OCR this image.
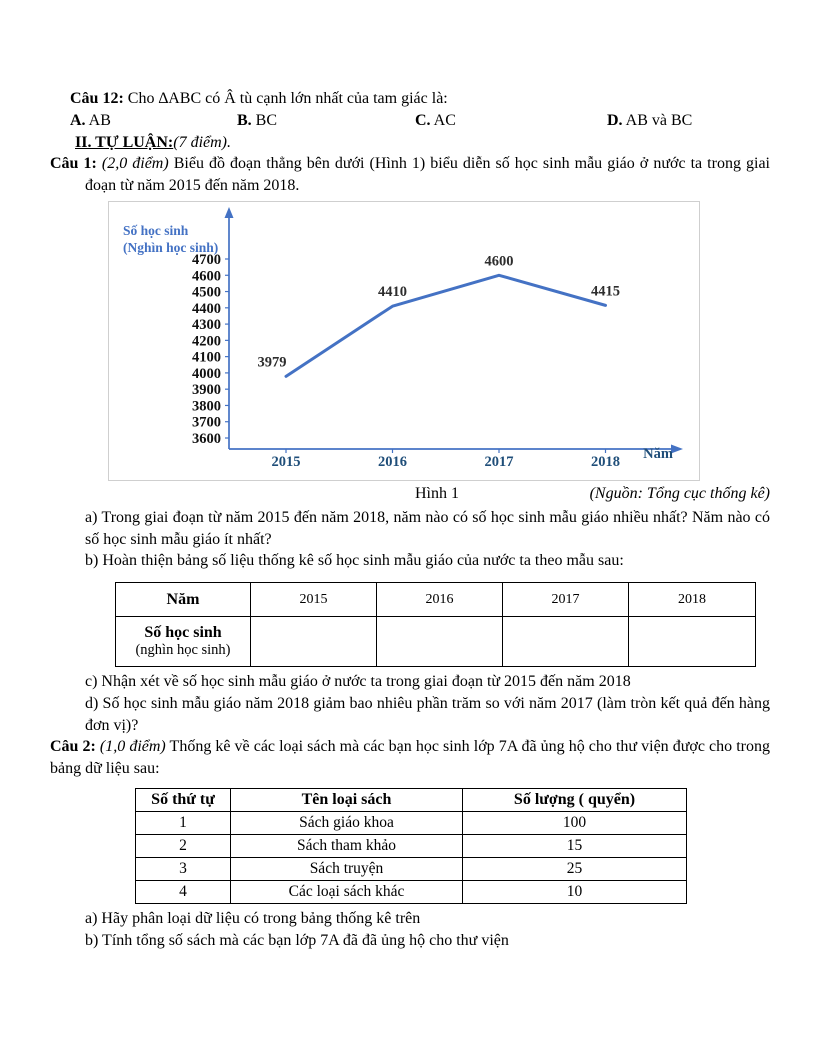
Câu 12: Cho ∆ABC có Â tù cạnh lớn nhất của tam giác là:

A. AB	B. BC	C. AC	D. AB và BC

II. TỰ LUẬN:(7 điểm).

Câu 1: (2,0 điểm) Biểu đồ đoạn thẳng bên dưới (Hình 1) biểu diễn số học sinh mẫu giáo ở nước ta trong giai đoạn từ năm 2015 đến năm 2018.

Số học sinh
(Nghìn học sinh)
3600
3700
3800
3900
4000
4100
4200
4300
4400
4500
4600
4700
2015	2016	2017	2018 Năm
3979
4410
4600
4415
Hình 1	(Nguồn: Tổng cục thống kê)

a) Trong giai đoạn từ năm 2015 đến năm 2018, năm nào có số học sinh mẫu giáo nhiều nhất? Năm nào có số học sinh mẫu giáo ít nhất?

b) Hoàn thiện bảng số liệu thống kê số học sinh mẫu giáo của nước ta theo mẫu sau:

Năm	2015	2016	2017	2018

Số học sinh
(nghìn học sinh)				

c) Nhận xét về số học sinh mẫu giáo ở nước ta trong giai đoạn từ 2015 đến năm 2018

d) Số học sinh mẫu giáo năm 2018 giảm bao nhiêu phần trăm so với năm 2017 (làm tròn kết quả đến hàng đơn vị)?

Câu 2: (1,0 điểm) Thống kê về các loại sách mà các bạn học sinh lớp 7A đã ủng hộ cho thư viện được cho trong bảng dữ liệu sau:

Số thứ tự	Tên loại sách	Số lượng ( quyển)
1	Sách giáo khoa	100
2	Sách tham khảo	15
3	Sách truyện	25
4	Các loại sách khác	10

a) Hãy phân loại dữ liệu có trong bảng thống kê trên

b) Tính tổng số sách mà các bạn lớp 7A đã đã ủng hộ cho thư viện
